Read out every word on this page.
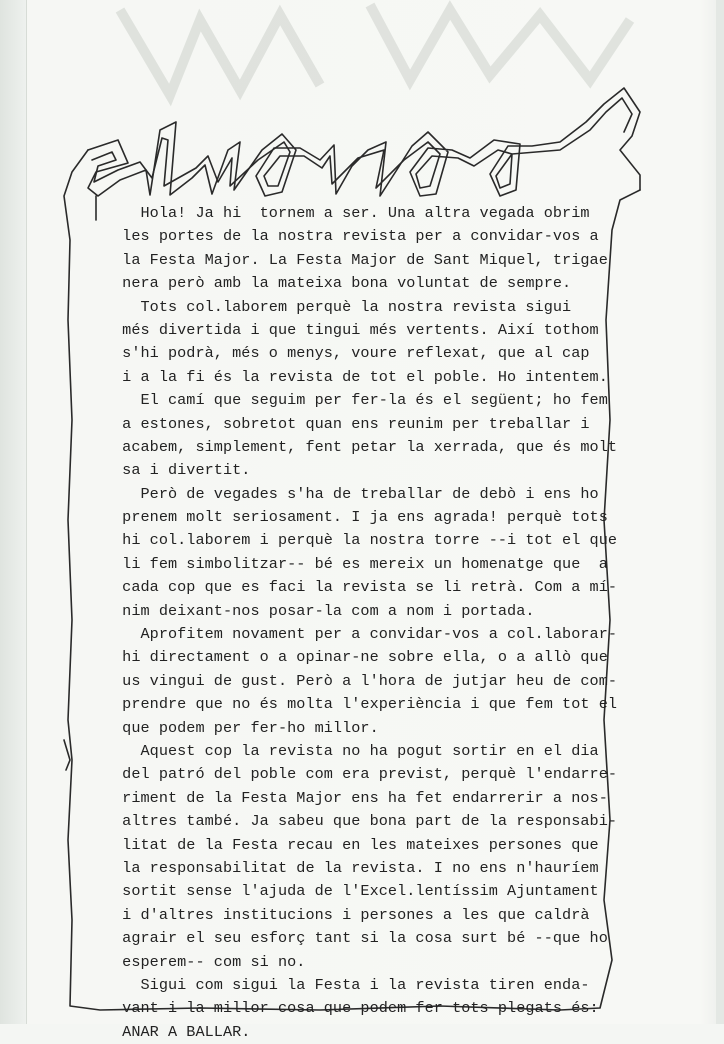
Hola! Ja hi  tornem a ser. Una altra vegada obrim
les portes de la nostra revista per a convidar-vos a
la Festa Major. La Festa Major de Sant Miquel, trigae
nera però amb la mateixa bona voluntat de sempre.
Tots col.laborem perquè la nostra revista sigui
més divertida i que tingui més vertents. Així tothom
s'hi podrà, més o menys, voure reflexat, que al cap
i a la fi és la revista de tot el poble. Ho intentem.
El camí que seguim per fer-la és el següent; ho fem
a estones, sobretot quan ens reunim per treballar i
acabem, simplement, fent petar la xerrada, que és molt
sa i divertit.
Però de vegades s'ha de treballar de debò i ens ho
prenem molt seriosament. I ja ens agrada! perquè tots
hi col.laborem i perquè la nostra torre --i tot el que
li fem simbolitzar-- bé es mereix un homenatge que  a
cada cop que es faci la revista se li retrà. Com a mí-
nim deixant-nos posar-la com a nom i portada.
Aprofitem novament per a convidar-vos a col.laborar-
hi directament o a opinar-ne sobre ella, o a allò que
us vingui de gust. Però a l'hora de jutjar heu de com-
prendre que no és molta l'experiència i que fem tot el
que podem per fer-ho millor.
Aquest cop la revista no ha pogut sortir en el dia
del patró del poble com era previst, perquè l'endarre-
riment de la Festa Major ens ha fet endarrerir a nos-
altres també. Ja sabeu que bona part de la responsabi-
litat de la Festa recau en les mateixes persones que
la responsabilitat de la revista. I no ens n'hauríem
sortit sense l'ajuda de l'Excel.lentíssim Ajuntament
i d'altres institucions i persones a les que caldrà
agrair el seu esforç tant si la cosa surt bé --que ho
esperem-- com si no.
Sigui com sigui la Festa i la revista tiren enda-
vant i la millor cosa que podem fer tots plegats és:
ANAR A BALLAR.
